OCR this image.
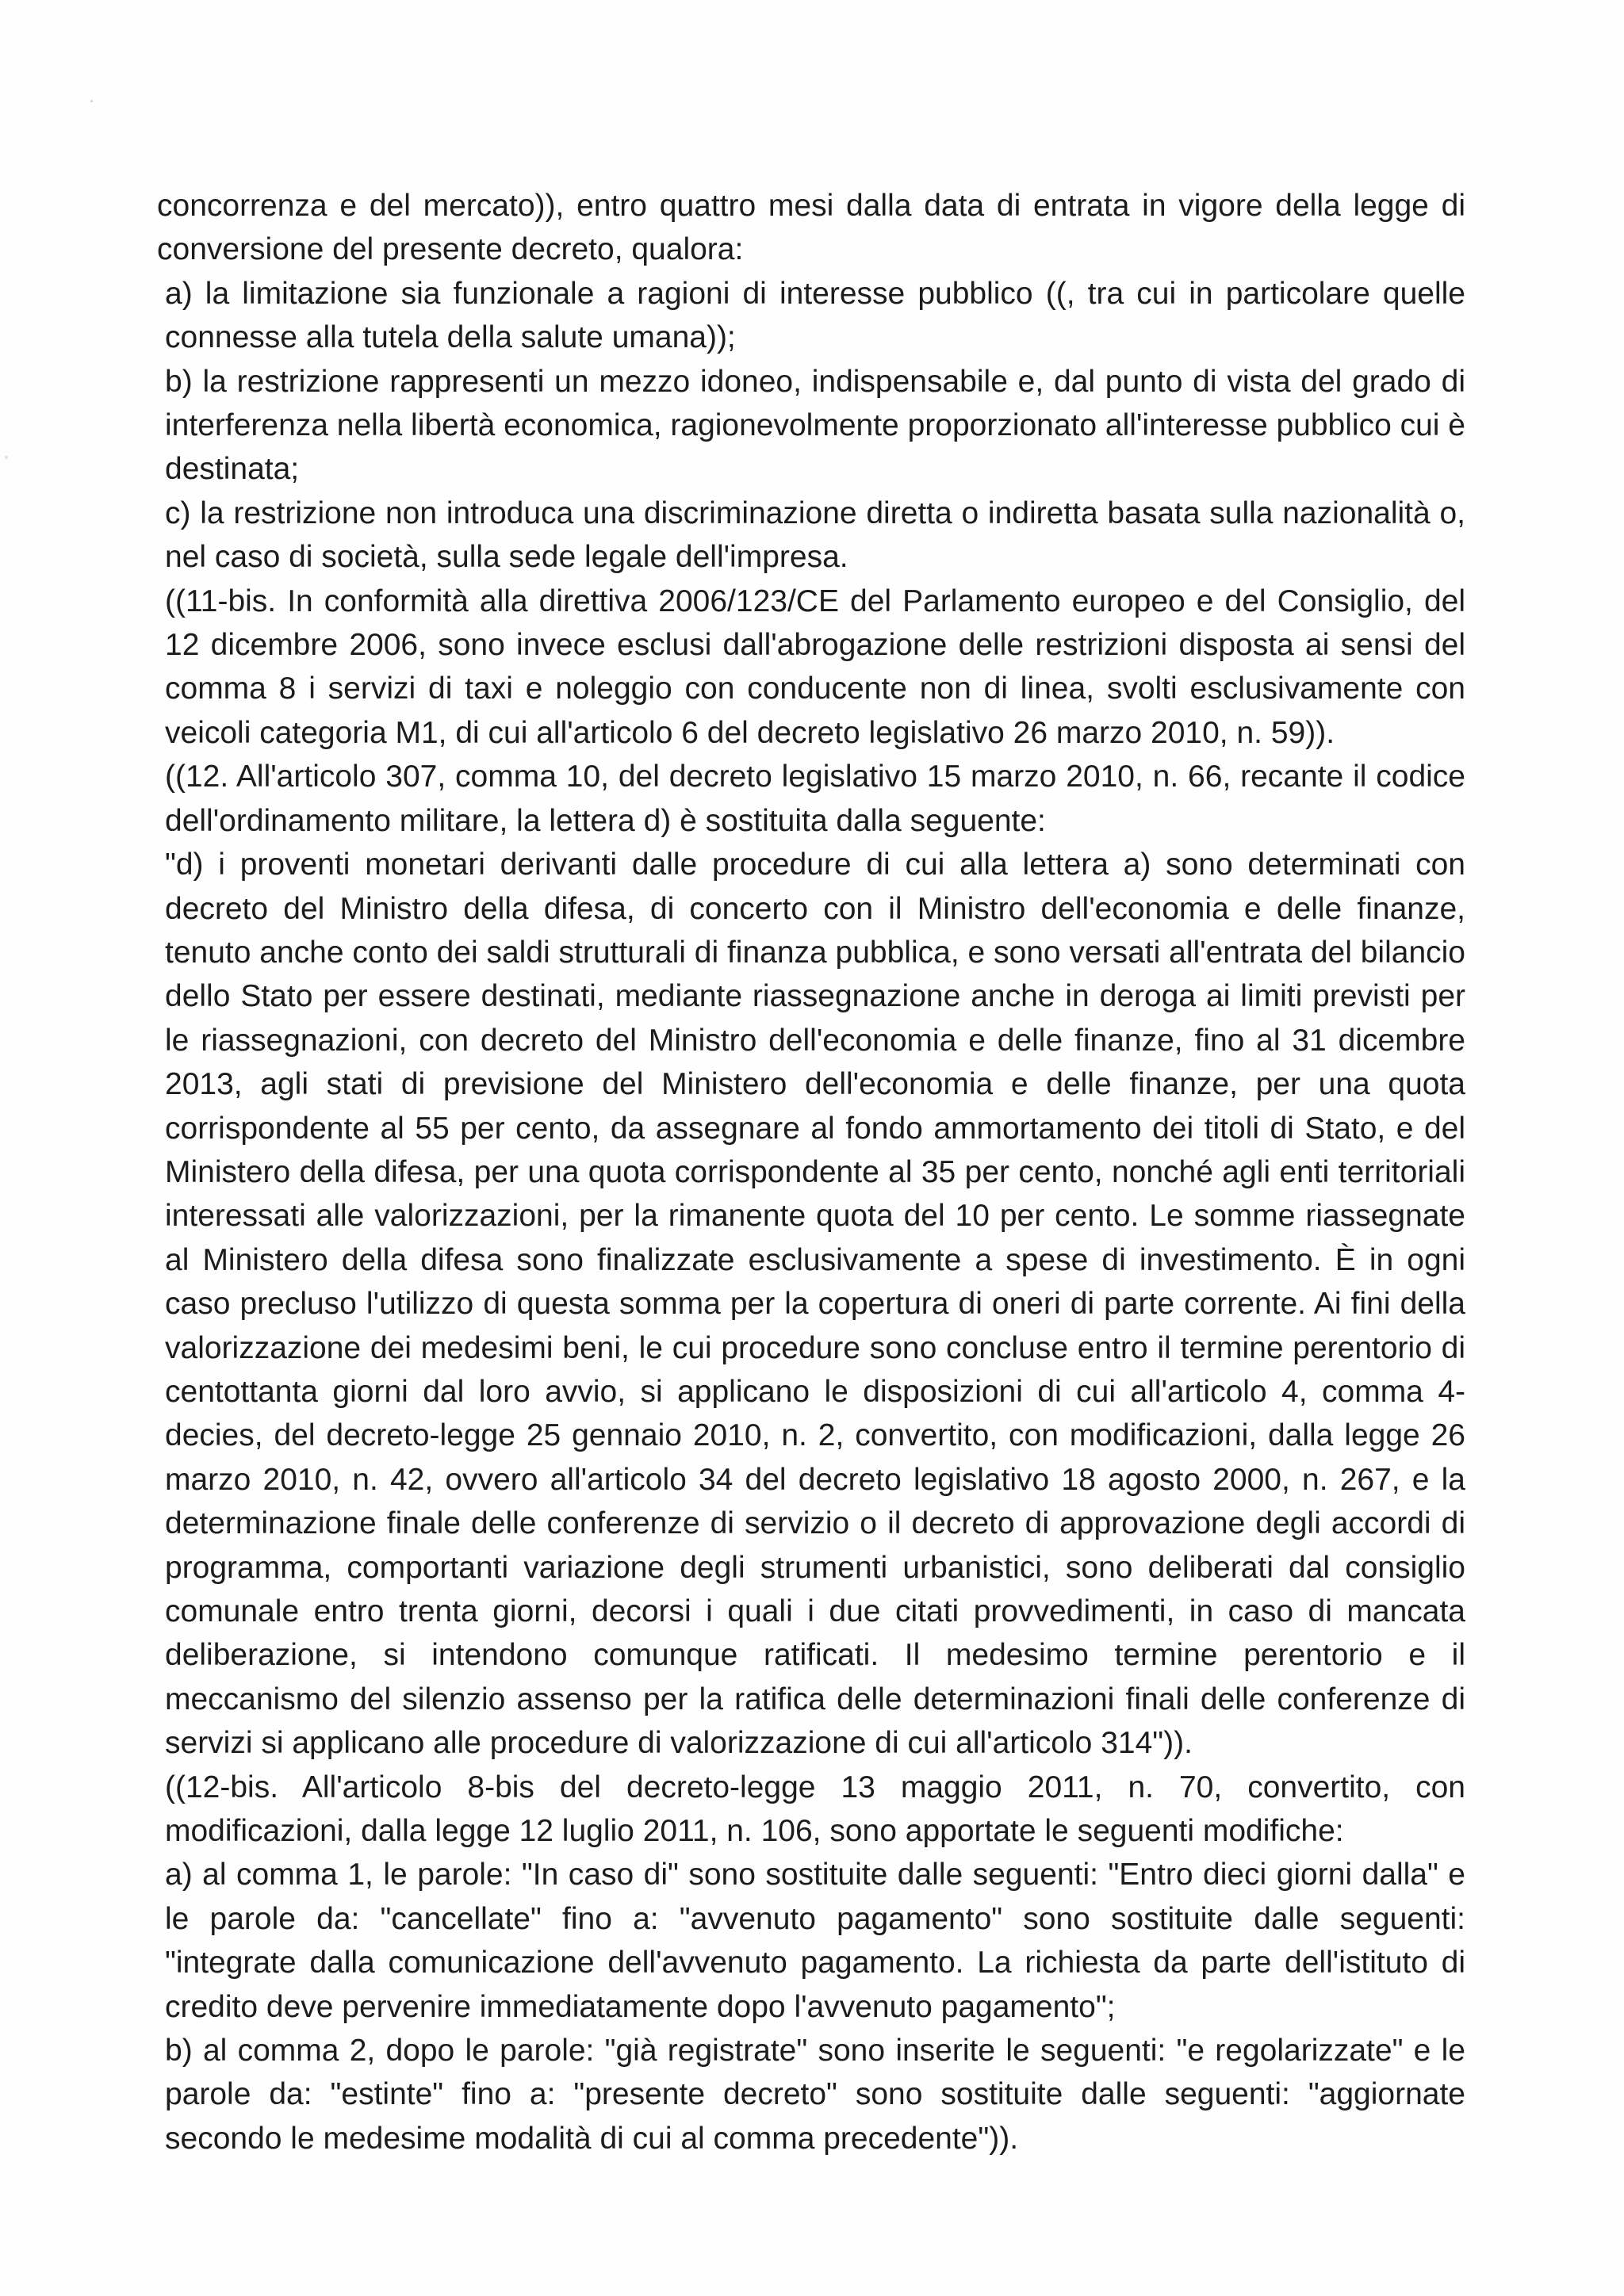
concorrenza e del mercato)), entro quattro mesi dalla data di entrata in vigore della legge di conversione del presente decreto, qualora:

a) la limitazione sia funzionale a ragioni di interesse pubblico ((, tra cui in particolare quelle connesse alla tutela della salute umana));

b) la restrizione rappresenti un mezzo idoneo, indispensabile e, dal punto di vista del grado di interferenza nella libertà economica, ragionevolmente proporzionato all'interesse pubblico cui è destinata;

c) la restrizione non introduca una discriminazione diretta o indiretta basata sulla nazionalità o, nel caso di società, sulla sede legale dell'impresa.

((11-bis. In conformità alla direttiva 2006/123/CE del Parlamento europeo e del Consiglio, del 12 dicembre 2006, sono invece esclusi dall'abrogazione delle restrizioni disposta ai sensi del comma 8 i servizi di taxi e noleggio con conducente non di linea, svolti esclusivamente con veicoli categoria M1, di cui all'articolo 6 del decreto legislativo 26 marzo 2010, n. 59)).

((12. All'articolo 307, comma 10, del decreto legislativo 15 marzo 2010, n. 66, recante il codice dell'ordinamento militare, la lettera d) è sostituita dalla seguente:

"d) i proventi monetari derivanti dalle procedure di cui alla lettera a) sono determinati con decreto del Ministro della difesa, di concerto con il Ministro dell'economia e delle finanze, tenuto anche conto dei saldi strutturali di finanza pubblica, e sono versati all'entrata del bilancio dello Stato per essere destinati, mediante riassegnazione anche in deroga ai limiti previsti per le riassegnazioni, con decreto del Ministro dell'economia e delle finanze, fino al 31 dicembre 2013, agli stati di previsione del Ministero dell'economia e delle finanze, per una quota corrispondente al 55 per cento, da assegnare al fondo ammortamento dei titoli di Stato, e del Ministero della difesa, per una quota corrispondente al 35 per cento, nonché agli enti territoriali interessati alle valorizzazioni, per la rimanente quota del 10 per cento. Le somme riassegnate al Ministero della difesa sono finalizzate esclusivamente a spese di investimento. È in ogni caso precluso l'utilizzo di questa somma per la copertura di oneri di parte corrente. Ai fini della valorizzazione dei medesimi beni, le cui procedure sono concluse entro il termine perentorio di centottanta giorni dal loro avvio, si applicano le disposizioni di cui all'articolo 4, comma 4-decies, del decreto-legge 25 gennaio 2010, n. 2, convertito, con modificazioni, dalla legge 26 marzo 2010, n. 42, ovvero all'articolo 34 del decreto legislativo 18 agosto 2000, n. 267, e la determinazione finale delle conferenze di servizio o il decreto di approvazione degli accordi di programma, comportanti variazione degli strumenti urbanistici, sono deliberati dal consiglio comunale entro trenta giorni, decorsi i quali i due citati provvedimenti, in caso di mancata deliberazione, si intendono comunque ratificati. Il medesimo termine perentorio e il meccanismo del silenzio assenso per la ratifica delle determinazioni finali delle conferenze di servizi si applicano alle procedure di valorizzazione di cui all'articolo 314")).

((12-bis. All'articolo 8-bis del decreto-legge 13 maggio 2011, n. 70, convertito, con modificazioni, dalla legge 12 luglio 2011, n. 106, sono apportate le seguenti modifiche:

a) al comma 1, le parole: "In caso di" sono sostituite dalle seguenti: "Entro dieci giorni dalla" e le parole da: "cancellate" fino a: "avvenuto pagamento" sono sostituite dalle seguenti: "integrate dalla comunicazione dell'avvenuto pagamento. La richiesta da parte dell'istituto di credito deve pervenire immediatamente dopo l'avvenuto pagamento";

b) al comma 2, dopo le parole: "già registrate" sono inserite le seguenti: "e regolarizzate" e le parole da: "estinte" fino a: "presente decreto" sono sostituite dalle seguenti: "aggiornate secondo le medesime modalità di cui al comma precedente")).
